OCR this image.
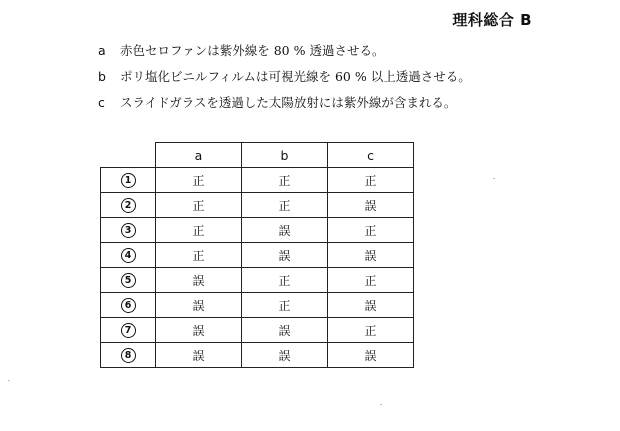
理科総合 B
a 赤色セロファンは紫外線を 80 % 透過させる。
b ポリ塩化ビニルフィルムは可視光線を 60 % 以上透過させる。
c スライドガラスを透過した太陽放射には紫外線が含まれる。
	a	b	c
1	正	正	正
2	正	正	誤
3	正	誤	正
4	正	誤	誤
5	誤	正	正
6	誤	正	誤
7	誤	誤	正
8	誤	誤	誤
